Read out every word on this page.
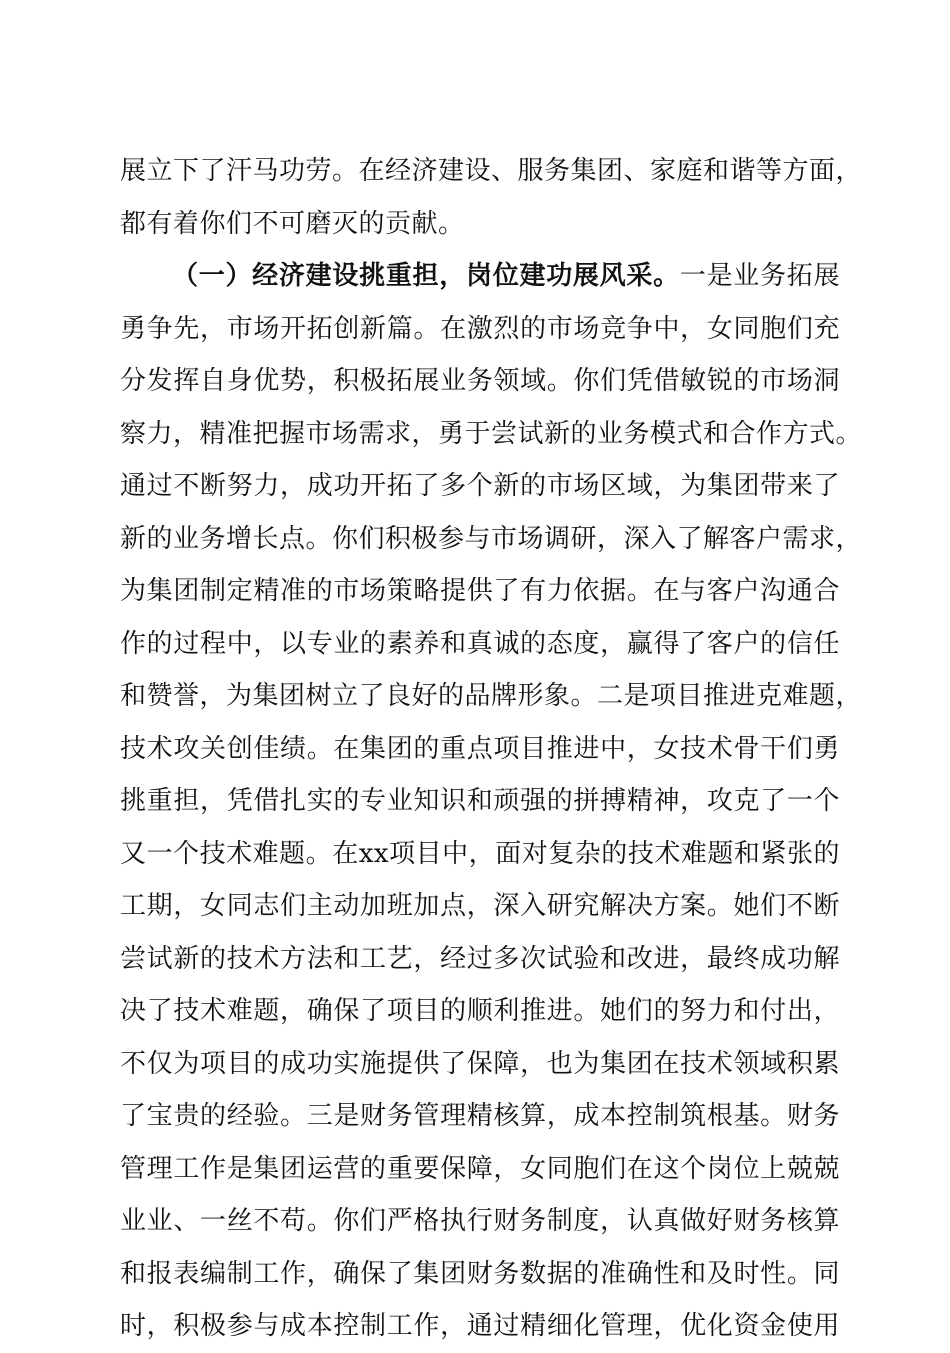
展立下了汗马功劳。在经济建设、服务集团、家庭和谐等方面，
都有着你们不可磨灭的贡献。
（一）经济建设挑重担，岗位建功展风采。一是业务拓展
勇争先，市场开拓创新篇。在激烈的市场竞争中，女同胞们充
分发挥自身优势，积极拓展业务领域。你们凭借敏锐的市场洞
察力，精准把握市场需求，勇于尝试新的业务模式和合作方式。
通过不断努力，成功开拓了多个新的市场区域，为集团带来了
新的业务增长点。你们积极参与市场调研，深入了解客户需求，
为集团制定精准的市场策略提供了有力依据。在与客户沟通合
作的过程中，以专业的素养和真诚的态度，赢得了客户的信任
和赞誉，为集团树立了良好的品牌形象。二是项目推进克难题，
技术攻关创佳绩。在集团的重点项目推进中，女技术骨干们勇
挑重担，凭借扎实的专业知识和顽强的拼搏精神，攻克了一个
又一个技术难题。在xx项目中，面对复杂的技术难题和紧张的
工期，女同志们主动加班加点，深入研究解决方案。她们不断
尝试新的技术方法和工艺，经过多次试验和改进，最终成功解
决了技术难题，确保了项目的顺利推进。她们的努力和付出，
不仅为项目的成功实施提供了保障，也为集团在技术领域积累
了宝贵的经验。三是财务管理精核算，成本控制筑根基。财务
管理工作是集团运营的重要保障，女同胞们在这个岗位上兢兢
业业、一丝不苟。你们严格执行财务制度，认真做好财务核算
和报表编制工作，确保了集团财务数据的准确性和及时性。同
时，积极参与成本控制工作，通过精细化管理，优化资金使用
